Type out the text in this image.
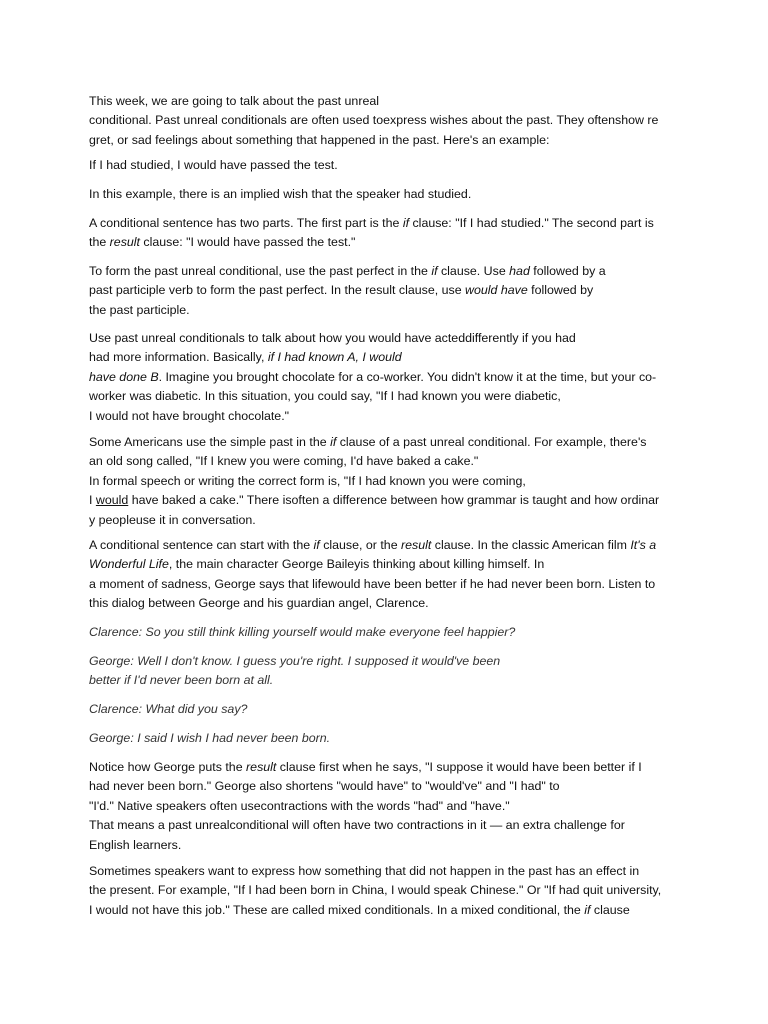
This week, we are going to talk about the past unreal
conditional. Past unreal conditionals are often used toexpress wishes about the past. They oftenshow re
gret, or sad feelings about something that happened in the past. Here's an example:
If I had studied, I would have passed the test.
In this example, there is an implied wish that the speaker had studied.
A conditional sentence has two parts. The first part is the if clause: "If I had studied." The second part is
the result clause: "I would have passed the test."
To form the past unreal conditional, use the past perfect in the if clause. Use had followed by a
past participle verb to form the past perfect. In the result clause, use would have followed by
the past participle.
Use past unreal conditionals to talk about how you would have acteddifferently if you had
had more information. Basically, if I had known A, I would
have done B. Imagine you brought chocolate for a co-worker. You didn't know it at the time, but your co-
worker was diabetic. In this situation, you could say, "If I had known you were diabetic,
I would not have brought chocolate."
Some Americans use the simple past in the if clause of a past unreal conditional. For example, there's
an old song called, "If I knew you were coming, I'd have baked a cake."
In formal speech or writing the correct form is, "If I had known you were coming,
I would have baked a cake." There isoften a difference between how grammar is taught and how ordinar
y peopleuse it in conversation.
A conditional sentence can start with the if clause, or the result clause. In the classic American film It's a
Wonderful Life, the main character George Baileyis thinking about killing himself. In
a moment of sadness, George says that lifewould have been better if he had never been born. Listen to
this dialog between George and his guardian angel, Clarence.
Clarence: So you still think killing yourself would make everyone feel happier?
George: Well I don't know. I guess you're right. I supposed it would've been
better if I'd never been born at all.
Clarence: What did you say?
George: I said I wish I had never been born.
Notice how George puts the result clause first when he says, "I suppose it would have been better if I
had never been born." George also shortens "would have" to "would've" and "I had" to
"I'd." Native speakers often usecontractions with the words "had" and "have."
That means a past unrealconditional will often have two contractions in it — an extra challenge for
English learners.
Sometimes speakers want to express how something that did not happen in the past has an effect in
the present. For example, "If I had been born in China, I would speak Chinese." Or "If had quit university,
I would not have this job." These are called mixed conditionals. In a mixed conditional, the if clause
